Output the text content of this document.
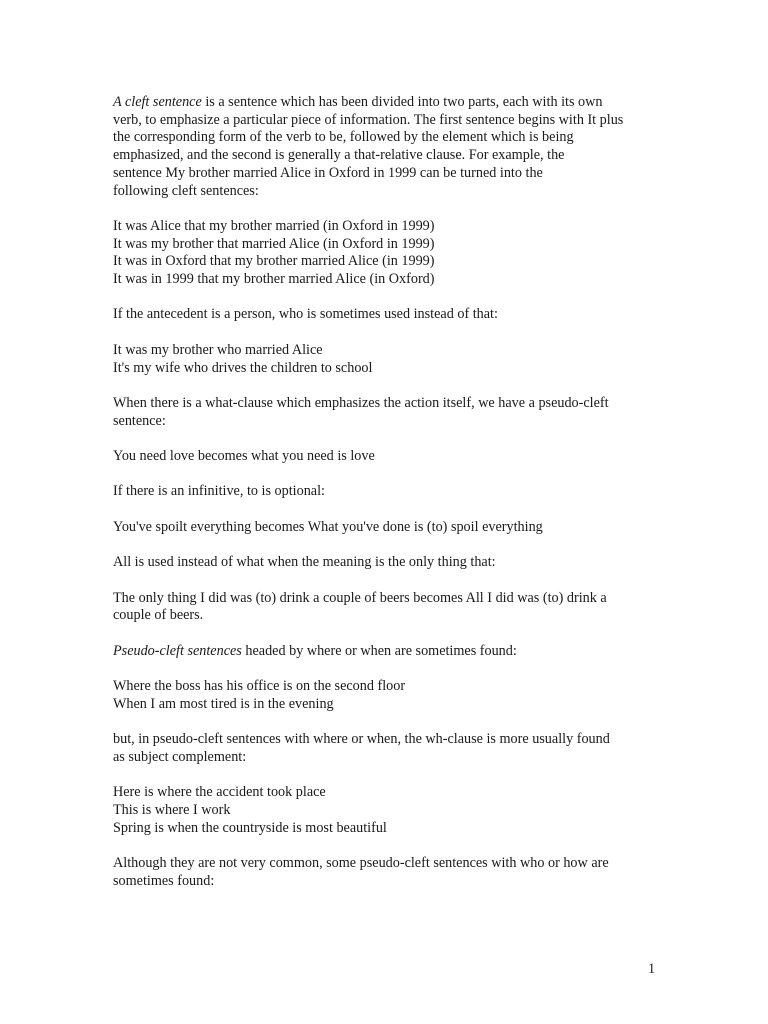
A cleft sentence is a sentence which has been divided into two parts, each with its own
verb, to emphasize a particular piece of information. The first sentence begins with It plus
the corresponding form of the verb to be, followed by the element which is being
emphasized, and the second is generally a that-relative clause. For example, the
sentence My brother married Alice in Oxford in 1999 can be turned into the
following cleft sentences:

It was Alice that my brother married (in Oxford in 1999)
It was my brother that married Alice (in Oxford in 1999)
It was in Oxford that my brother married Alice (in 1999)
It was in 1999 that my brother married Alice (in Oxford)

If the antecedent is a person, who is sometimes used instead of that:

It was my brother who married Alice
It's my wife who drives the children to school

When there is a what-clause which emphasizes the action itself, we have a pseudo-cleft
sentence:

You need love becomes what you need is love

If there is an infinitive, to is optional:

You've spoilt everything becomes What you've done is (to) spoil everything

All is used instead of what when the meaning is the only thing that:

The only thing I did was (to) drink a couple of beers becomes All I did was (to) drink a
couple of beers.

Pseudo-cleft sentences headed by where or when are sometimes found:

Where the boss has his office is on the second floor
When I am most tired is in the evening

but, in pseudo-cleft sentences with where or when, the wh-clause is more usually found
as subject complement:

Here is where the accident took place
This is where I work
Spring is when the countryside is most beautiful

Although they are not very common, some pseudo-cleft sentences with who or how are
sometimes found:

1
